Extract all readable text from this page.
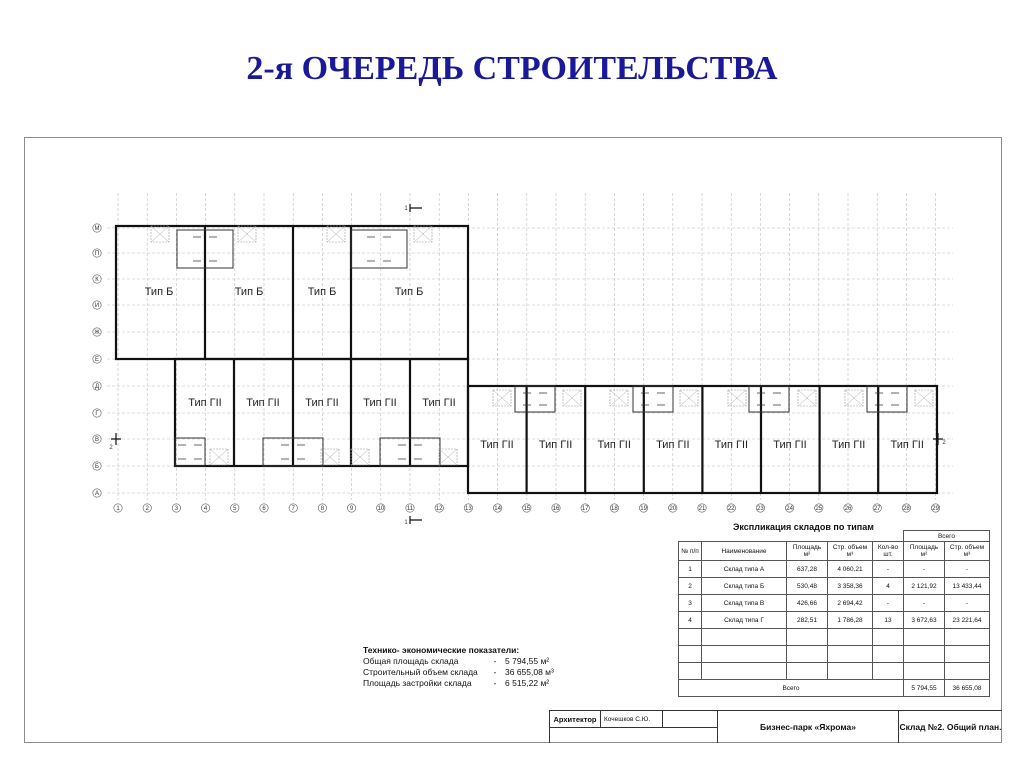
2-я ОЧЕРЕДЬ СТРОИТЕЛЬСТВА
1	2	3	4	5	6	7	8	9	10	11	12	13	14	15	16	17	18	19	20	21	22	23	24	25	26	27	28	29
М
П
К
И
Ж
Е
Д
Г
В
Б
А
1
1
2
2
Тип Б	Тип Б	Тип Б	Тип Б
Тип ГII Тип ГII Тип ГII Тип ГII Тип ГII
Тип ГII Тип ГII Тип ГII Тип ГII Тип ГII Тип ГII Тип ГII Тип ГII
Экспликация складов по типам
					Всего	
№ п/п	Наименование	Площадь м²	Стр. объем м³	Кол-во шт.	Площадь м²	Стр. объем м³
1	Склад типа А	637,28	4 060,21	-	-	-
2	Склад типа Б	530,48	3 358,36	4	2 121,92	13 433,44
3	Склад типа В	426,66	2 694,42	-	-	-
4	Склад типа Г	282,51	1 786,28	13	3 672,63	23 221,64

Всего					5 794,55	36 655,08
Технико- экономические показатели:
Общая площадь склада	-	5 794,55 м²
Строительный объем склада	-	36 655,08 м³
Площадь застройки склада	-	6 515,22 м²
Архитектор	Кочешков С.Ю.
Бизнес-парк «Яхрома»	Склад №2. Общий план.
